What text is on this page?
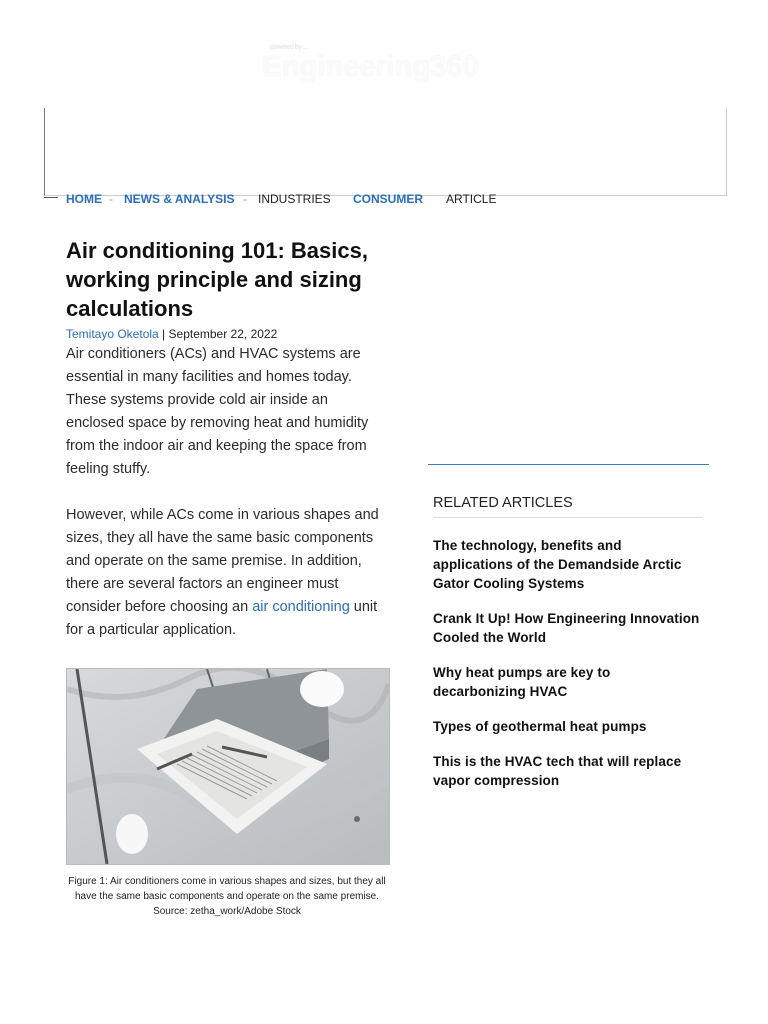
powered by ...
Engineering360
HOME - NEWS & ANALYSIS - INDUSTRIES CONSUMER ARTICLE
Air conditioning 101: Basics, working principle and sizing calculations
Temitayo Oketola | September 22, 2022

Air conditioners (ACs) and HVAC systems are essential in many facilities and homes today. These systems provide cold air inside an enclosed space by removing heat and humidity from the indoor air and keeping the space from feeling stuffy.

However, while ACs come in various shapes and sizes, they all have the same basic components and operate on the same premise. In addition, there are several factors an engineer must consider before choosing an air conditioning unit for a particular application.

Figure 1: Air conditioners come in various shapes and sizes, but they all have the same basic components and operate on the same premise. Source: zetha_work/Adobe Stock
RELATED ARTICLES
The technology, benefits and applications of the Demandside Arctic Gator Cooling Systems
Crank It Up! How Engineering Innovation Cooled the World
Why heat pumps are key to decarbonizing HVAC
Types of geothermal heat pumps
This is the HVAC tech that will replace vapor compression
